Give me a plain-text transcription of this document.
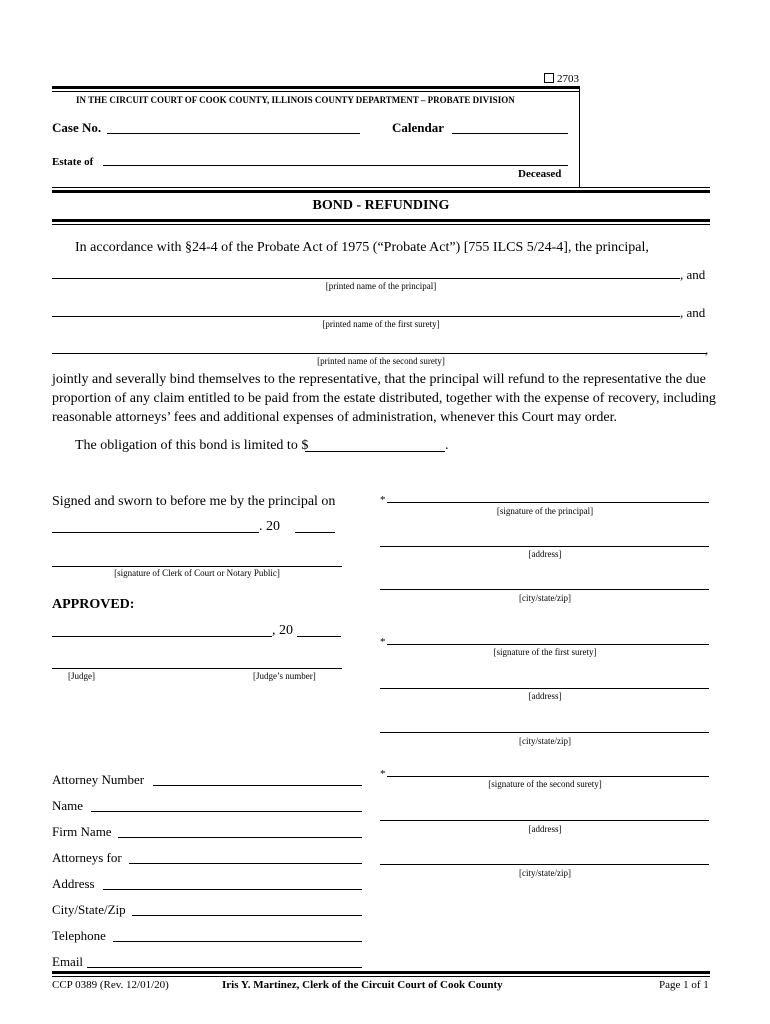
2703
IN THE CIRCUIT COURT OF COOK COUNTY, ILLINOIS COUNTY DEPARTMENT – PROBATE DIVISION
Case No.	Calendar
Estate of
Deceased
BOND - REFUNDING
In accordance with §24-4 of the Probate Act of 1975 (“Probate Act”) [755 ILCS 5/24-4], the principal,
, and
[printed name of the principal]
, and
[printed name of the first surety]
,
[printed name of the second surety]
jointly and severally bind themselves to the representative, that the principal will refund to the representative the due
proportion of any claim entitled to be paid from the estate distributed, together with the expense of recovery, including
reasonable attorneys’ fees and additional expenses of administration, whenever this Court may order.
The obligation of this bond is limited to $	.
Signed and sworn to before me by the principal on
. 20
[signature of Clerk of Court or Notary Public]
APPROVED:
, 20
[Judge]	[Judge’s number]
*
[signature of the principal]
[address]
[city/state/zip]
*
[signature of the first surety]
[address]
[city/state/zip]
*
[signature of the second surety]
[address]
[city/state/zip]
Attorney Number
Name
Firm Name
Attorneys for
Address
City/State/Zip
Telephone
Email
CCP 0389 (Rev. 12/01/20)	Iris Y. Martinez, Clerk of the Circuit Court of Cook County	Page 1 of 1
